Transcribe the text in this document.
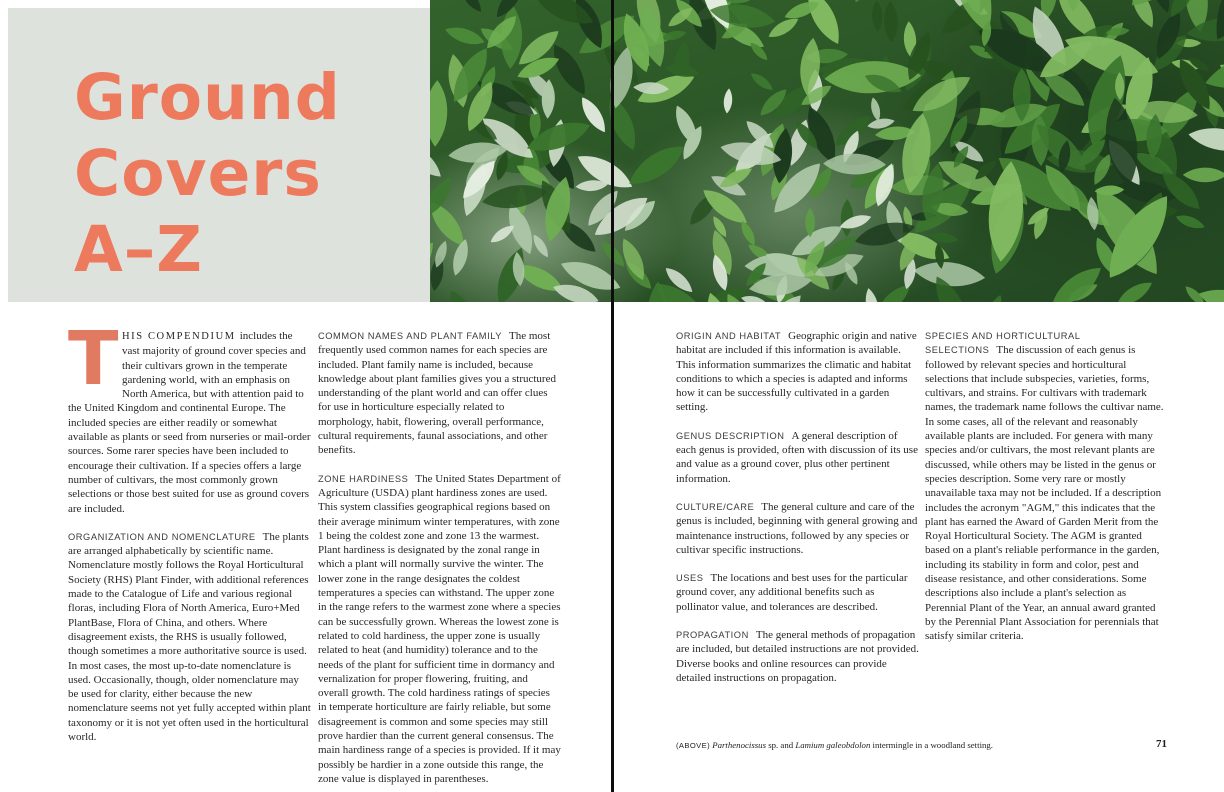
Ground
Covers
A–Z

THIS COMPENDIUM includes the vast majority of ground cover species and their cultivars grown in the temperate gardening world, with an emphasis on North America, but with attention paid to the United Kingdom and continental Europe. The included species are either readily or somewhat available as plants or seed from nurseries or mail-order sources. Some rarer species have been included to encourage their cultivation. If a species offers a large number of cultivars, the most commonly grown selections or those best suited for use as ground covers are included.

ORGANIZATION AND NOMENCLATURE The plants are arranged alphabetically by scientific name. Nomenclature mostly follows the Royal Horticultural Society (RHS) Plant Finder, with additional references made to the Catalogue of Life and various regional floras, including Flora of North America, Euro+Med PlantBase, Flora of China, and others. Where disagreement exists, the RHS is usually followed, though sometimes a more authoritative source is used. In most cases, the most up-to-date nomenclature is used. Occasionally, though, older nomenclature may be used for clarity, either because the new nomenclature seems not yet fully accepted within plant taxonomy or it is not yet often used in the horticultural world.

COMMON NAMES AND PLANT FAMILY The most frequently used common names for each species are included. Plant family name is included, because knowledge about plant families gives you a structured understanding of the plant world and can offer clues for use in horticulture especially related to morphology, habit, flowering, overall performance, cultural requirements, faunal associations, and other benefits.

ZONE HARDINESS The United States Department of Agriculture (USDA) plant hardiness zones are used. This system classifies geographical regions based on their average minimum winter temperatures, with zone 1 being the coldest zone and zone 13 the warmest. Plant hardiness is designated by the zonal range in which a plant will normally survive the winter. The lower zone in the range designates the coldest temperatures a species can withstand. The upper zone in the range refers to the warmest zone where a species can be successfully grown. Whereas the lowest zone is related to cold hardiness, the upper zone is usually related to heat (and humidity) tolerance and to the needs of the plant for sufficient time in dormancy and vernalization for proper flowering, fruiting, and overall growth. The cold hardiness ratings of species in temperate horticulture are fairly reliable, but some disagreement is common and some species may still prove hardier than the current general consensus. The main hardiness range of a species is provided. If it may possibly be hardier in a zone outside this range, the zone value is displayed in parentheses.

ORIGIN AND HABITAT Geographic origin and native habitat are included if this information is available. This information summarizes the climatic and habitat conditions to which a species is adapted and informs how it can be successfully cultivated in a garden setting.

GENUS DESCRIPTION A general description of each genus is provided, often with discussion of its use and value as a ground cover, plus other pertinent information.

CULTURE/CARE The general culture and care of the genus is included, beginning with general growing and maintenance instructions, followed by any species or cultivar specific instructions.

USES The locations and best uses for the particular ground cover, any additional benefits such as pollinator value, and tolerances are described.

PROPAGATION The general methods of propagation are included, but detailed instructions are not provided. Diverse books and online resources can provide detailed instructions on propagation.

SPECIES AND HORTICULTURAL SELECTIONS The discussion of each genus is followed by relevant species and horticultural selections that include subspecies, varieties, forms, cultivars, and strains. For cultivars with trademark names, the trademark name follows the cultivar name. In some cases, all of the relevant and reasonably available plants are included. For genera with many species and/or cultivars, the most relevant plants are discussed, while others may be listed in the genus or species description. Some very rare or mostly unavailable taxa may not be included. If a description includes the acronym "AGM," this indicates that the plant has earned the Award of Garden Merit from the Royal Horticultural Society. The AGM is granted based on a plant's reliable performance in the garden, including its stability in form and color, pest and disease resistance, and other considerations. Some descriptions also include a plant's selection as Perennial Plant of the Year, an annual award granted by the Perennial Plant Association for perennials that satisfy similar criteria.

(ABOVE) Parthenocissus sp. and Lamium galeobdolon intermingle in a woodland setting.	71
